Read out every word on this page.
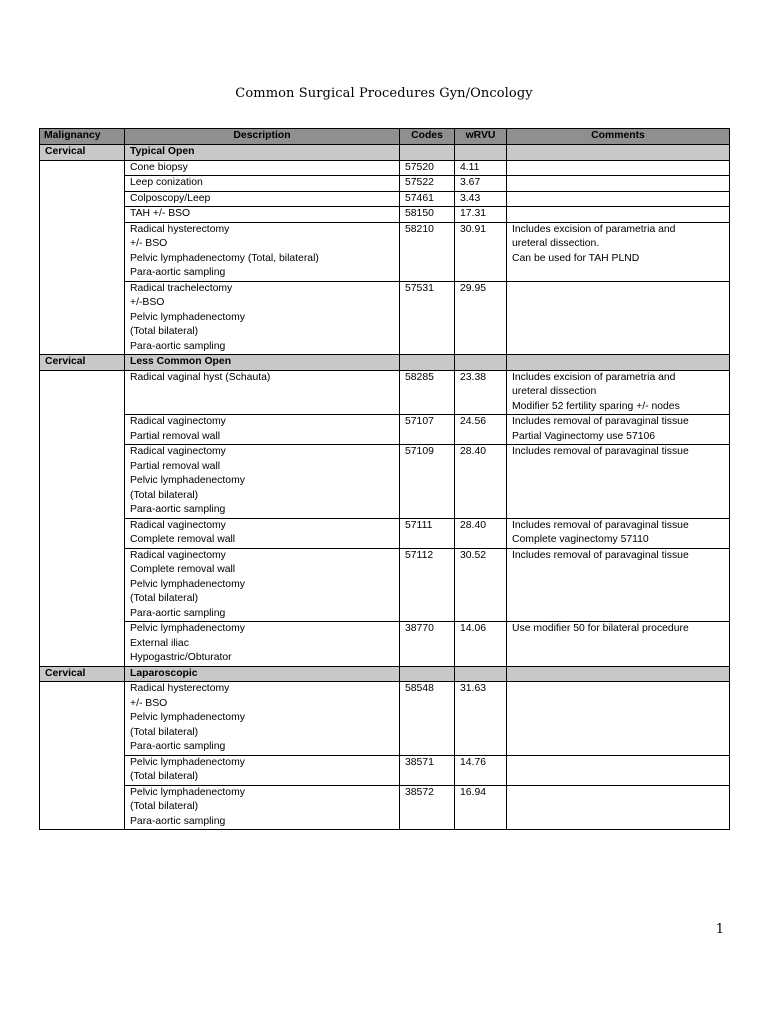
Common Surgical Procedures Gyn/Oncology
Malignancy	Description	Codes	wRVU	Comments
Cervical	Typical Open			

	Cone biopsy	57520	4.11	

	Leep conization	57522	3.67	

	Colposcopy/Leep	57461	3.43	

	TAH +/- BSO	58150	17.31	

	Radical hysterectomy
+/- BSO
Pelvic lymphadenectomy (Total, bilateral)
Para-aortic sampling	58210	30.91	Includes excision of parametria and
ureteral dissection.
Can be used for TAH PLND

	Radical trachelectomy
+/-BSO
Pelvic lymphadenectomy
(Total bilateral)
Para-aortic sampling	57531	29.95	
Cervical	Less Common Open			

	Radical vaginal hyst (Schauta)	58285	23.38	Includes excision of parametria and
ureteral dissection
Modifier 52 fertility sparing +/- nodes

	Radical vaginectomy
Partial removal wall	57107	24.56	Includes removal of paravaginal tissue
Partial Vaginectomy use 57106

	Radical vaginectomy
Partial removal wall
Pelvic lymphadenectomy
(Total bilateral)
Para-aortic sampling	57109	28.40	Includes removal of paravaginal tissue

	Radical vaginectomy
Complete removal wall	57111	28.40	Includes removal of paravaginal tissue
Complete vaginectomy 57110

	Radical vaginectomy
Complete removal wall
Pelvic lymphadenectomy
(Total bilateral)
Para-aortic sampling	57112	30.52	Includes removal of paravaginal tissue

	Pelvic lymphadenectomy
External iliac
Hypogastric/Obturator	38770	14.06	Use modifier 50 for bilateral procedure

Cervical	Laparoscopic			

	Radical hysterectomy
+/- BSO
Pelvic lymphadenectomy
(Total bilateral)
Para-aortic sampling	58548	31.63	

	Pelvic lymphadenectomy
(Total bilateral)	38571	14.76	

	Pelvic lymphadenectomy
(Total bilateral)
Para-aortic sampling	38572	16.94	
1
